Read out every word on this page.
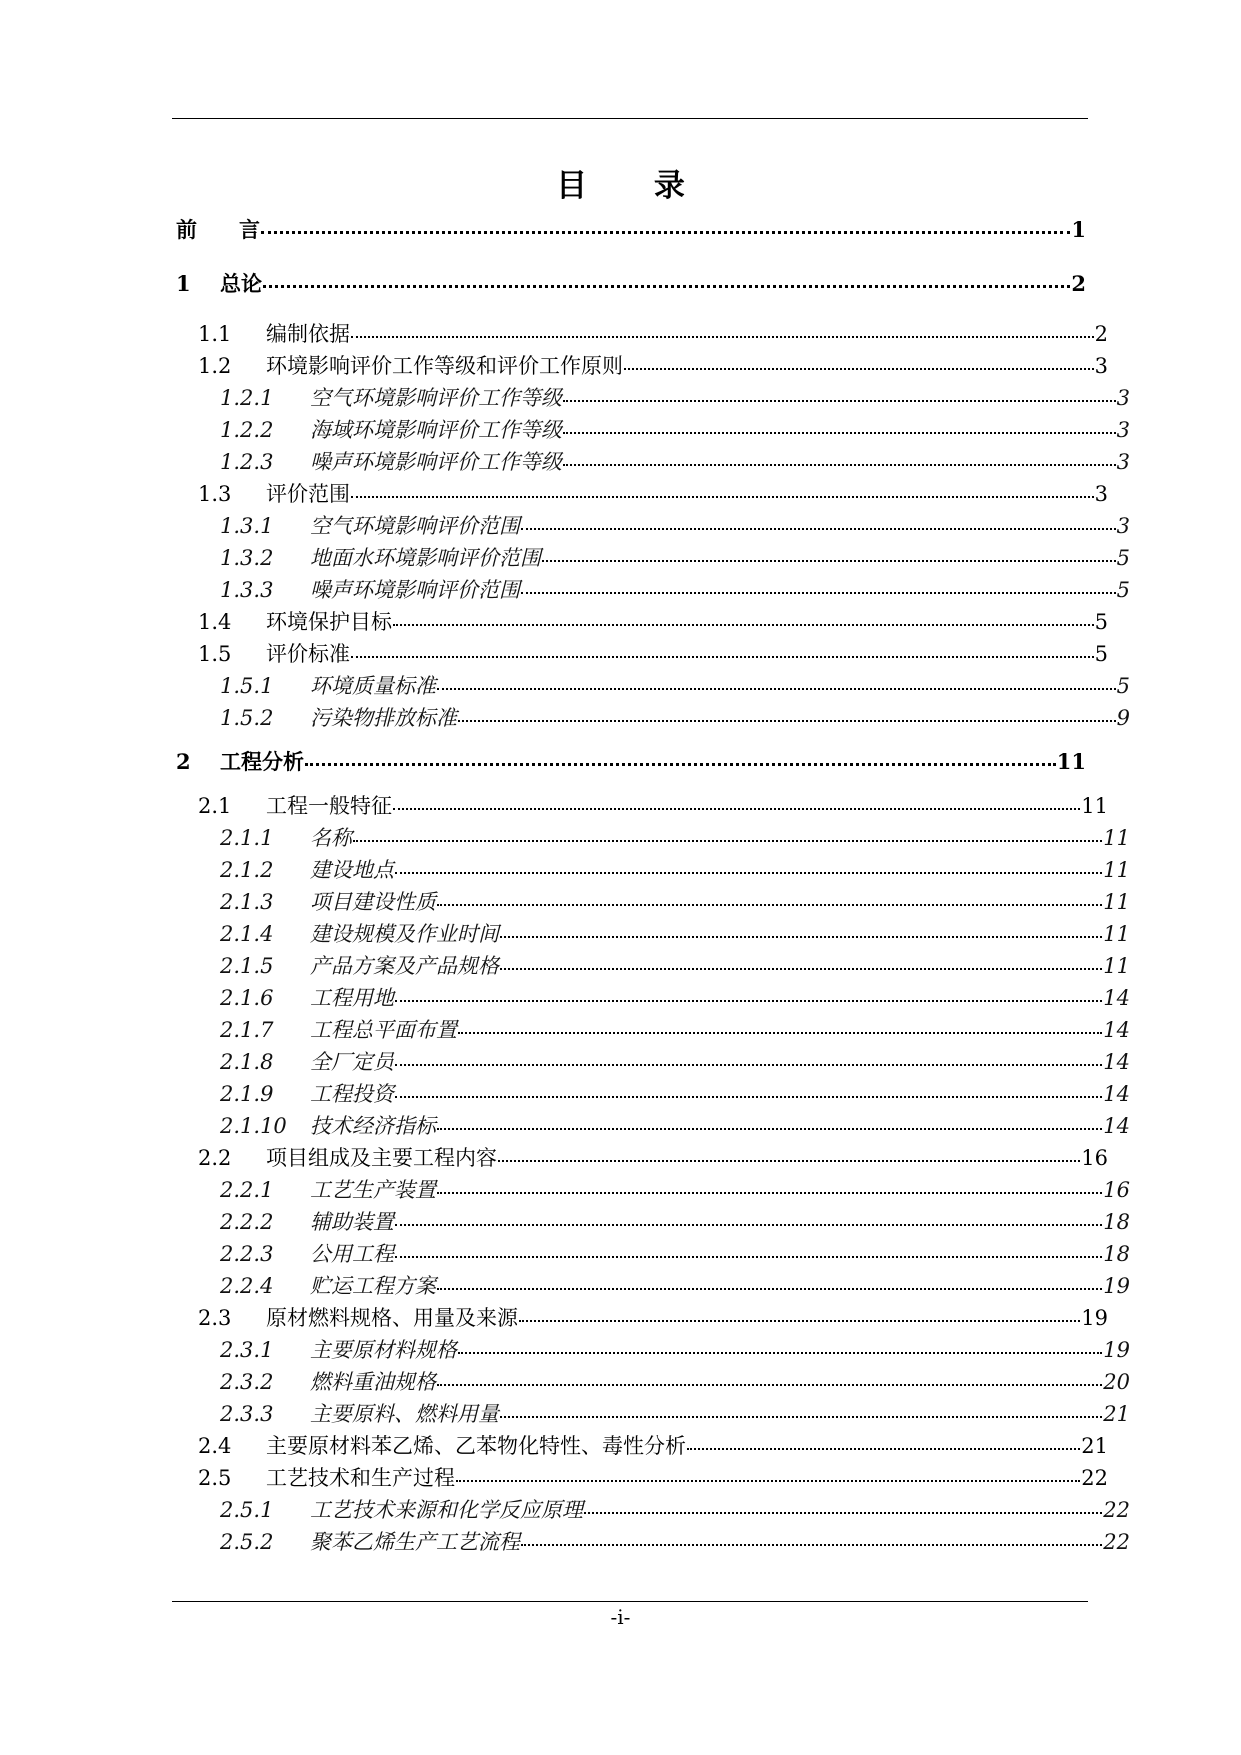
目 录
前　　言	1
1	总论	2
1.1	编制依据	2
1.2	环境影响评价工作等级和评价工作原则	3
1.2.1	空气环境影响评价工作等级	3
1.2.2	海域环境影响评价工作等级	3
1.2.3	噪声环境影响评价工作等级	3
1.3	评价范围	3
1.3.1	空气环境影响评价范围	3
1.3.2	地面水环境影响评价范围	5
1.3.3	噪声环境影响评价范围	5
1.4	环境保护目标	5
1.5	评价标准	5
1.5.1	环境质量标准	5
1.5.2	污染物排放标准	9
2	工程分析	11
2.1	工程一般特征	11
2.1.1	名称	11
2.1.2	建设地点	11
2.1.3	项目建设性质	11
2.1.4	建设规模及作业时间	11
2.1.5	产品方案及产品规格	11
2.1.6	工程用地	14
2.1.7	工程总平面布置	14
2.1.8	全厂定员	14
2.1.9	工程投资	14
2.1.10	技术经济指标	14
2.2	项目组成及主要工程内容	16
2.2.1	工艺生产装置	16
2.2.2	辅助装置	18
2.2.3	公用工程	18
2.2.4	贮运工程方案	19
2.3	原材燃料规格、用量及来源	19
2.3.1	主要原材料规格	19
2.3.2	燃料重油规格	20
2.3.3	主要原料、燃料用量	21
2.4	主要原材料苯乙烯、乙苯物化特性、毒性分析	21
2.5	工艺技术和生产过程	22
2.5.1	工艺技术来源和化学反应原理	22
2.5.2	聚苯乙烯生产工艺流程	22
-i-
